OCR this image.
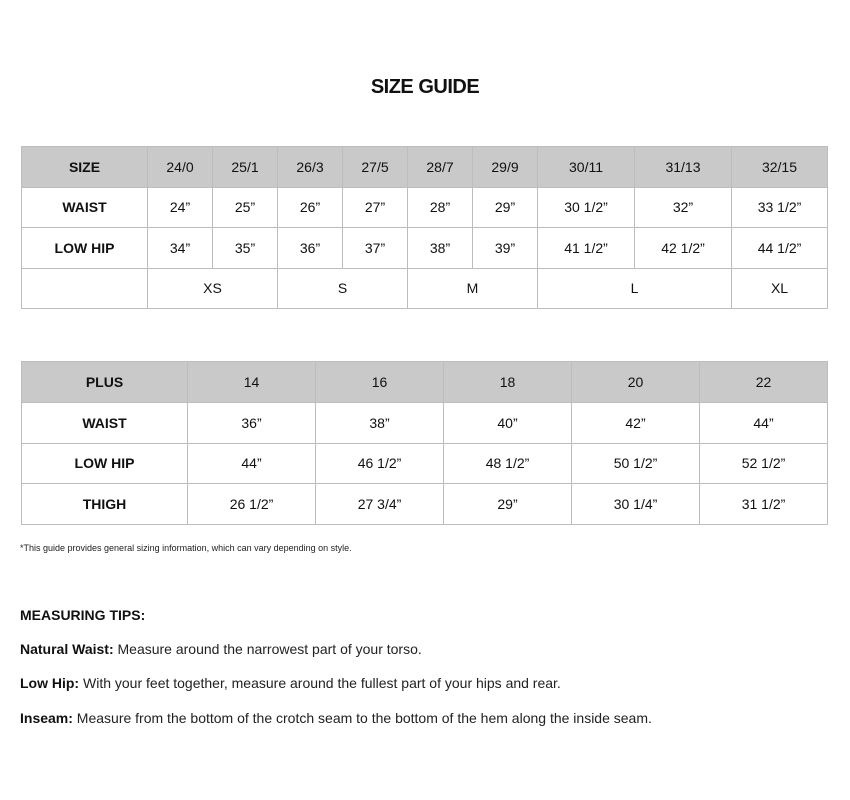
SIZE GUIDE
SIZE	24/0	25/1	26/3	27/5	28/7	29/9	30/11	31/13	32/15
WAIST	24”	25”	26”	27”	28”	29”	30 1/2”	32”	33 1/2”
LOW HIP	34”	35”	36”	37”	38”	39”	41 1/2”	42 1/2”	44 1/2”
	XS		S		M		L		XL
PLUS	14	16	18	20	22
WAIST	36”	38”	40”	42”	44”
LOW HIP	44”	46 1/2”	48 1/2”	50 1/2”	52 1/2”
THIGH	26 1/2”	27 3/4”	29”	30 1/4”	31 1/2”
*This guide provides general sizing information, which can vary depending on style.
MEASURING TIPS:
Natural Waist: Measure around the narrowest part of your torso.
Low Hip: With your feet together, measure around the fullest part of your hips and rear.
Inseam: Measure from the bottom of the crotch seam to the bottom of the hem along the inside seam.
